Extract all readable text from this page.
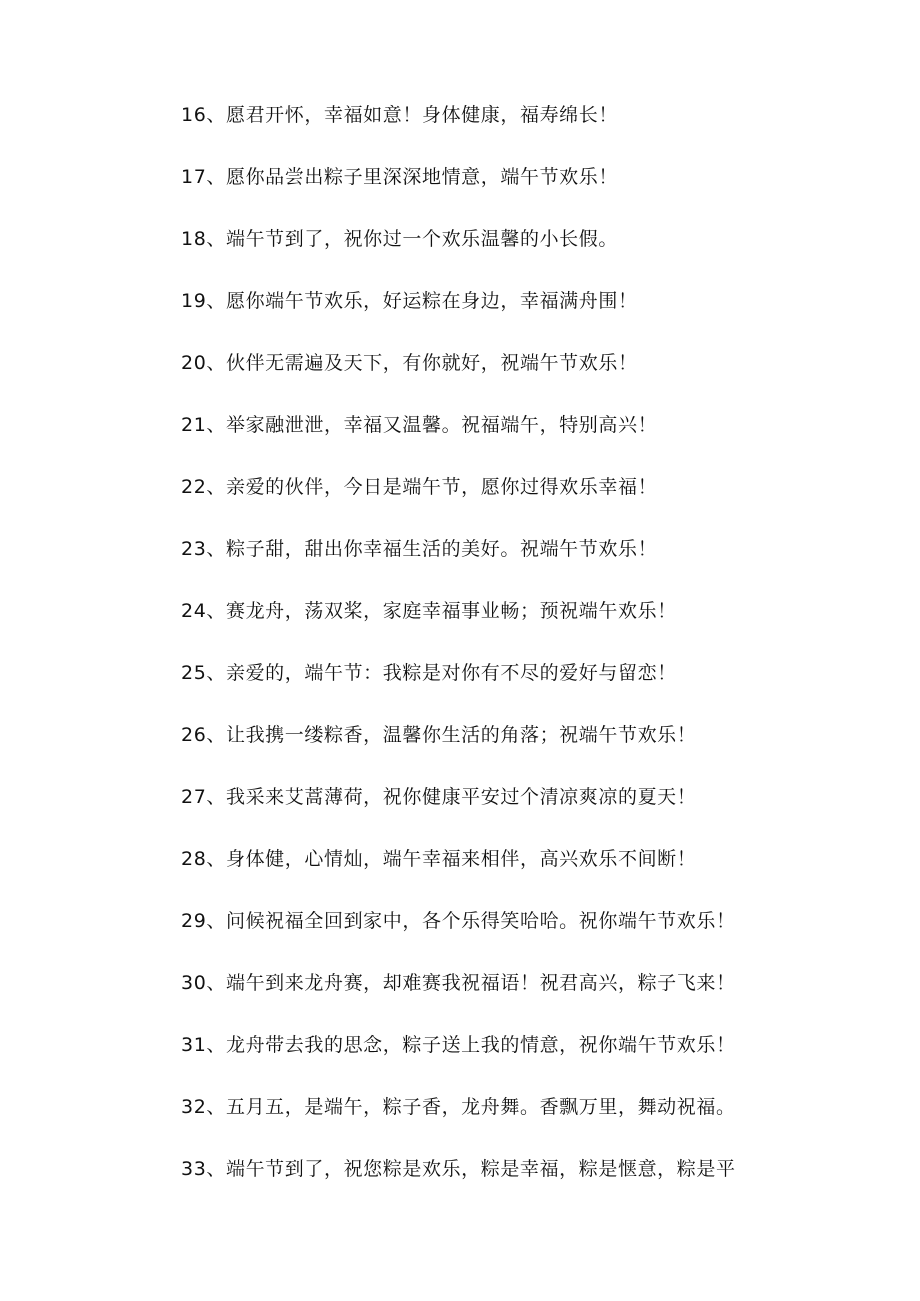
16、愿君开怀，幸福如意！身体健康，福寿绵长！
17、愿你品尝出粽子里深深地情意，端午节欢乐！
18、端午节到了，祝你过一个欢乐温馨的小长假。
19、愿你端午节欢乐，好运粽在身边，幸福满舟围！
20、伙伴无需遍及天下，有你就好，祝端午节欢乐！
21、举家融泄泄，幸福又温馨。祝福端午，特别高兴！
22、亲爱的伙伴，今日是端午节，愿你过得欢乐幸福！
23、粽子甜，甜出你幸福生活的美好。祝端午节欢乐！
24、赛龙舟，荡双桨，家庭幸福事业畅；预祝端午欢乐！
25、亲爱的，端午节：我粽是对你有不尽的爱好与留恋！
26、让我携一缕粽香，温馨你生活的角落；祝端午节欢乐！
27、我采来艾蒿薄荷，祝你健康平安过个清凉爽凉的夏天！
28、身体健，心情灿，端午幸福来相伴，高兴欢乐不间断！
29、问候祝福全回到家中，各个乐得笑哈哈。祝你端午节欢乐！
30、端午到来龙舟赛，却难赛我祝福语！祝君高兴，粽子飞来！
31、龙舟带去我的思念，粽子送上我的情意，祝你端午节欢乐！
32、五月五，是端午，粽子香，龙舟舞。香飘万里，舞动祝福。
33、端午节到了，祝您粽是欢乐，粽是幸福，粽是惬意，粽是平
